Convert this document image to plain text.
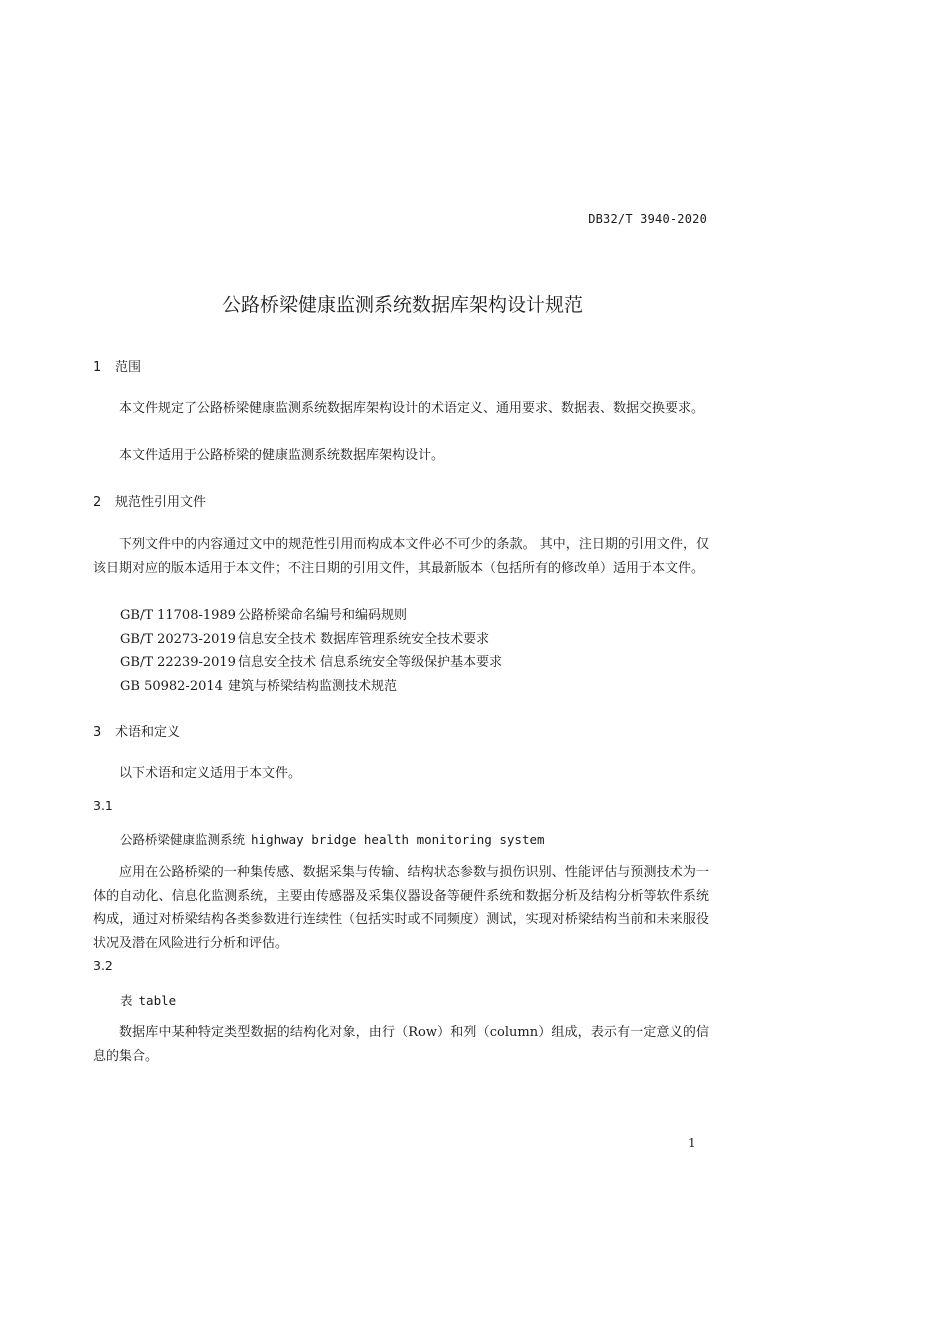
DB32/T 3940-2020
公路桥梁健康监测系统数据库架构设计规范
1 范围
本文件规定了公路桥梁健康监测系统数据库架构设计的术语定义、通用要求、数据表、数据交换要求。
本文件适用于公路桥梁的健康监测系统数据库架构设计。
2 规范性引用文件
下列文件中的内容通过文中的规范性引用而构成本文件必不可少的条款。 其中，注日期的引用文件，仅该日期对应的版本适用于本文件；不注日期的引用文件，其最新版本（包括所有的修改单）适用于本文件。
GB/T 11708-1989 公路桥梁命名编号和编码规则
GB/T 20273-2019 信息安全技术 数据库管理系统安全技术要求
GB/T 22239-2019 信息安全技术 信息系统安全等级保护基本要求
GB 50982-2014 建筑与桥梁结构监测技术规范
3 术语和定义
以下术语和定义适用于本文件。
3.1
公路桥梁健康监测系统 highway bridge health monitoring system
应用在公路桥梁的一种集传感、数据采集与传输、结构状态参数与损伤识别、性能评估与预测技术为一体的自动化、信息化监测系统，主要由传感器及采集仪器设备等硬件系统和数据分析及结构分析等软件系统构成，通过对桥梁结构各类参数进行连续性（包括实时或不同频度）测试，实现对桥梁结构当前和未来服役状况及潜在风险进行分析和评估。
3.2
表 table
数据库中某种特定类型数据的结构化对象，由行（Row）和列（column）组成，表示有一定意义的信息的集合。
1
